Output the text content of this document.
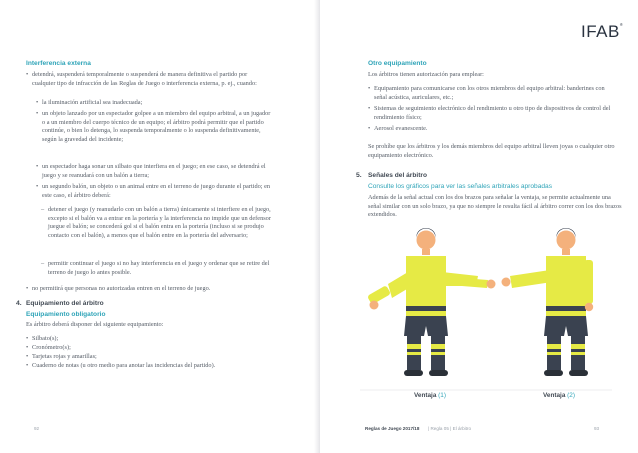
Interferencia externa

• detendrá, suspenderá temporalmente o suspenderá de manera definitiva el partido por cualquier tipo de infracción de las Reglas de Juego o interferencia externa, p. ej., cuando:

• la iluminación artificial sea inadecuada;

• un objeto lanzado por un espectador golpee a un miembro del equipo arbitral, a un jugador o a un miembro del cuerpo técnico de un equipo; el árbitro podrá permitir que el partido continúe, o bien lo detenga, lo suspenda temporalmente o lo suspenda definitivamente, según la gravedad del incidente;

• un espectador haga sonar un silbato que interfiera en el juego; en ese caso, se detendrá el juego y se reanudará con un balón a tierra;

• un segundo balón, un objeto o un animal entre en el terreno de juego durante el partido; en este caso, el árbitro deberá:

– detener el juego (y reanudarlo con un balón a tierra) únicamente si interfiere en el juego, excepto si el balón va a entrar en la portería y la interferencia no impide que un defensor juegue el balón; se concederá gol si el balón entra en la portería (incluso si se produjo contacto con el balón), a menos que el balón entre en la portería del adversario;

– permitir continuar el juego si no hay interferencia en el juego y ordenar que se retire del terreno de juego lo antes posible.

• no permitirá que personas no autorizadas entren en el terreno de juego.

4. Equipamiento del árbitro

Equipamiento obligatorio

Es árbitro deberá disponer del siguiente equipamiento:

• Silbato(s);

• Cronómetro(s);

• Tarjetas rojas y amarillas;

• Cuaderno de notas (u otro medio para anotar las incidencias del partido).

92

Otro equipamiento

Los árbitros tienen autorización para emplear:

• Equipamiento para comunicarse con los otros miembros del equipo arbitral: banderines con señal acústica, auriculares, etc.;

• Sistemas de seguimiento electrónico del rendimiento u otro tipo de dispositivos de control del rendimiento físico;

• Aerosol evanescente.

Se prohíbe que los árbitros y los demás miembros del equipo arbitral lleven joyas o cualquier otro equipamiento electrónico.

5. Señales del árbitro

Consulte los gráficos para ver las señales arbitrales aprobadas

Además de la señal actual con los dos brazos para señalar la ventaja, se permite actualmente una señal similar con un solo brazo, ya que no siempre le resulta fácil al árbitro correr con los dos brazos extendidos.

IFAB®
Ventaja (1)	Ventaja (2)
Reglas de Juego 2017/18 | Regla 05 | El árbitro	93
